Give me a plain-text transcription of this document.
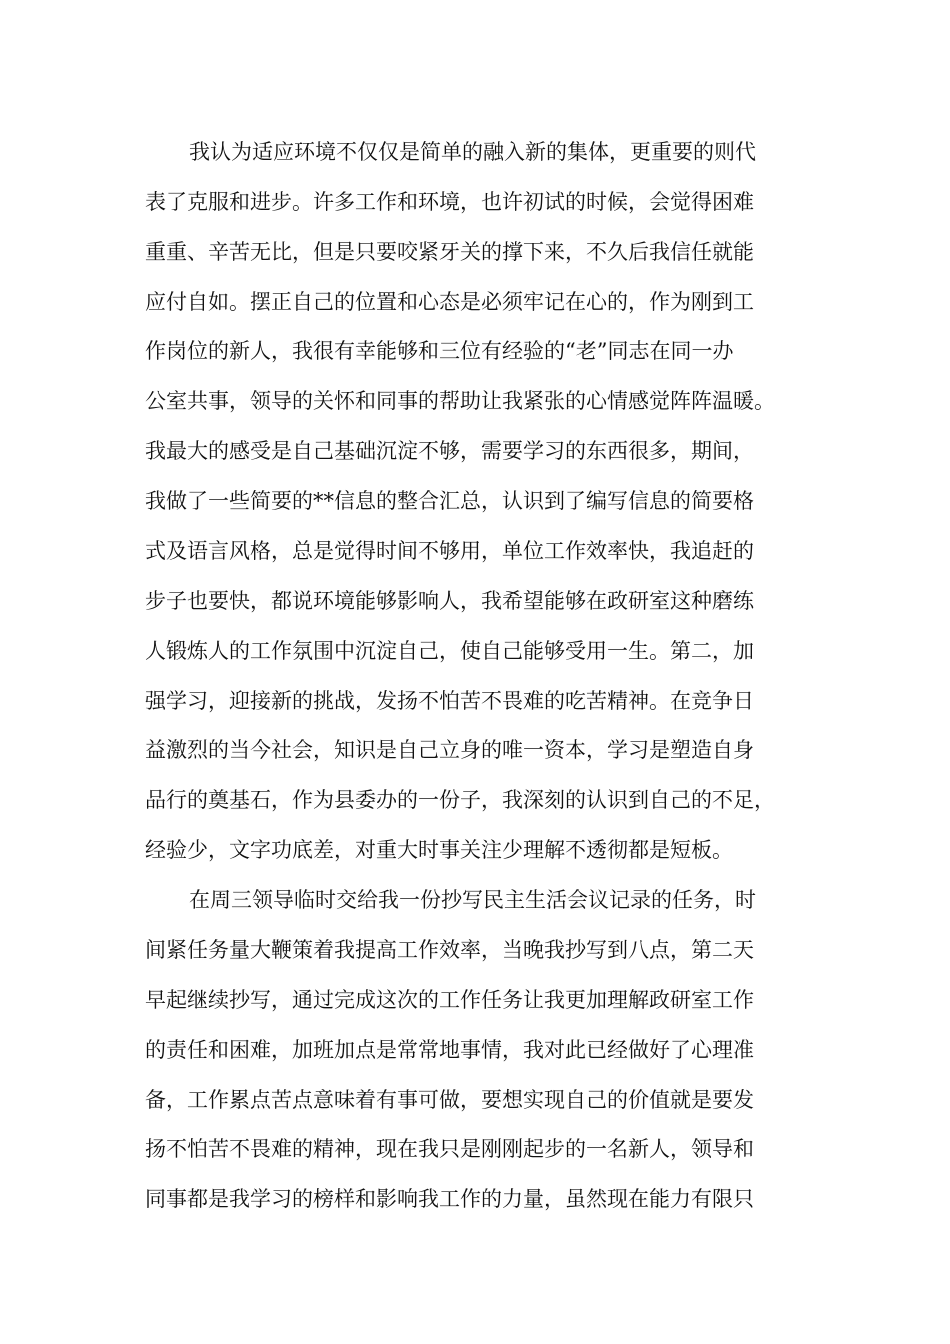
我认为适应环境不仅仅是简单的融入新的集体，更重要的则代
表了克服和进步。许多工作和环境，也许初试的时候，会觉得困难
重重、辛苦无比，但是只要咬紧牙关的撑下来，不久后我信任就能
应付自如。摆正自己的位置和心态是必须牢记在心的，作为刚到工
作岗位的新人，我很有幸能够和三位有经验的“老”同志在同一办
公室共事，领导的关怀和同事的帮助让我紧张的心情感觉阵阵温暖。
我最大的感受是自己基础沉淀不够，需要学习的东西很多，期间，
我做了一些简要的**信息的整合汇总，认识到了编写信息的简要格
式及语言风格，总是觉得时间不够用，单位工作效率快，我追赶的
步子也要快，都说环境能够影响人，我希望能够在政研室这种磨练
人锻炼人的工作氛围中沉淀自己，使自己能够受用一生。第二，加
强学习，迎接新的挑战，发扬不怕苦不畏难的吃苦精神。在竞争日
益激烈的当今社会，知识是自己立身的唯一资本，学习是塑造自身
品行的奠基石，作为县委办的一份子，我深刻的认识到自己的不足，
经验少，文字功底差，对重大时事关注少理解不透彻都是短板。
在周三领导临时交给我一份抄写民主生活会议记录的任务，时
间紧任务量大鞭策着我提高工作效率，当晚我抄写到八点，第二天
早起继续抄写，通过完成这次的工作任务让我更加理解政研室工作
的责任和困难，加班加点是常常地事情，我对此已经做好了心理准
备，工作累点苦点意味着有事可做，要想实现自己的价值就是要发
扬不怕苦不畏难的精神，现在我只是刚刚起步的一名新人，领导和
同事都是我学习的榜样和影响我工作的力量，虽然现在能力有限只
